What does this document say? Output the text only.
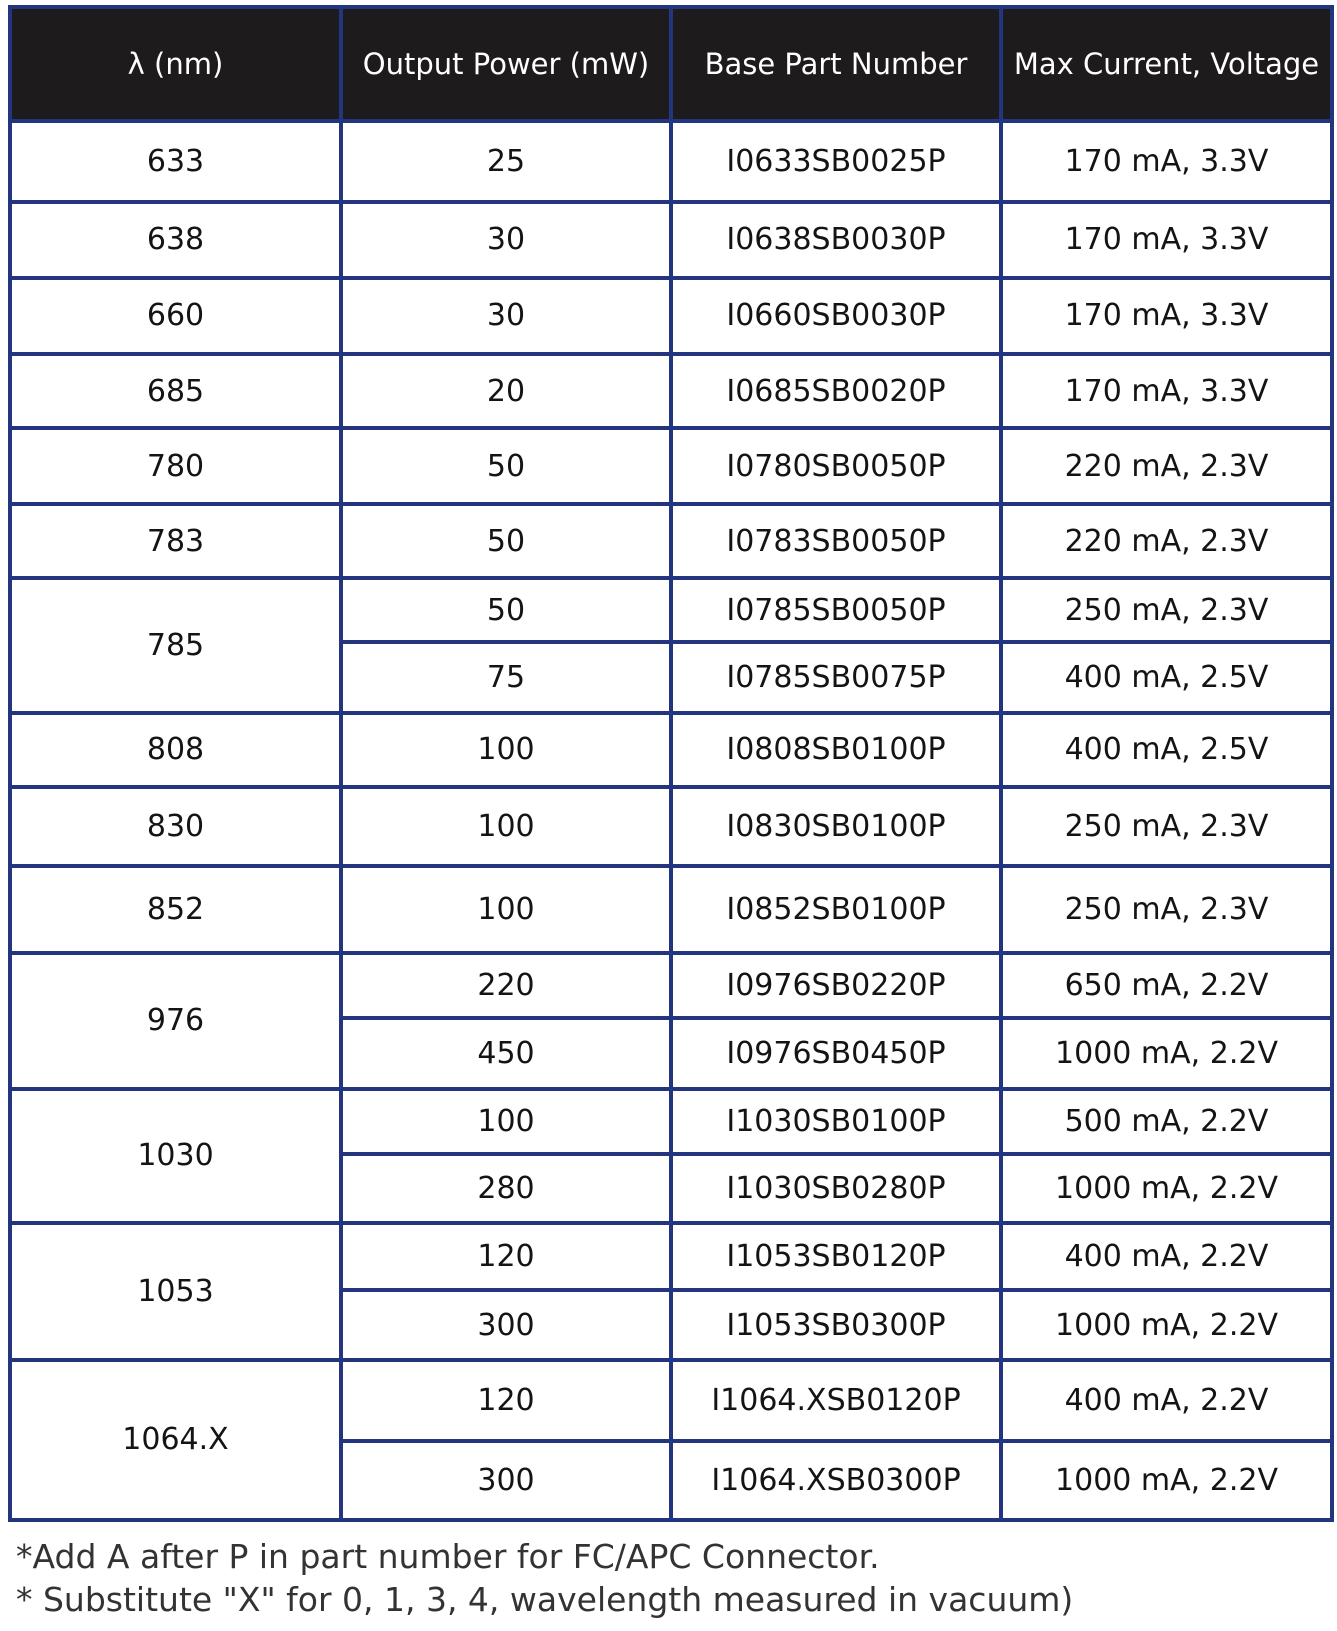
λ (nm)	Output Power (mW)	Base Part Number	Max Current, Voltage
633	25	I0633SB0025P	170 mA, 3.3V
638	30	I0638SB0030P	170 mA, 3.3V
660	30	I0660SB0030P	170 mA, 3.3V
685	20	I0685SB0020P	170 mA, 3.3V
780	50	I0780SB0050P	220 mA, 2.3V
783	50	I0783SB0050P	220 mA, 2.3V
785	50	I0785SB0050P	250 mA, 2.3V
	75	I0785SB0075P	400 mA, 2.5V
808	100	I0808SB0100P	400 mA, 2.5V
830	100	I0830SB0100P	250 mA, 2.3V
852	100	I0852SB0100P	250 mA, 2.3V
976	220	I0976SB0220P	650 mA, 2.2V
	450	I0976SB0450P	1000 mA, 2.2V
1030	100	I1030SB0100P	500 mA, 2.2V
	280	I1030SB0280P	1000 mA, 2.2V
1053	120	I1053SB0120P	400 mA, 2.2V
	300	I1053SB0300P	1000 mA, 2.2V
1064.X	120	I1064.XSB0120P	400 mA, 2.2V
	300	I1064.XSB0300P	1000 mA, 2.2V
*Add A after P in part number for FC/APC Connector.
* Substitute "X" for 0, 1, 3, 4, wavelength measured in vacuum)
